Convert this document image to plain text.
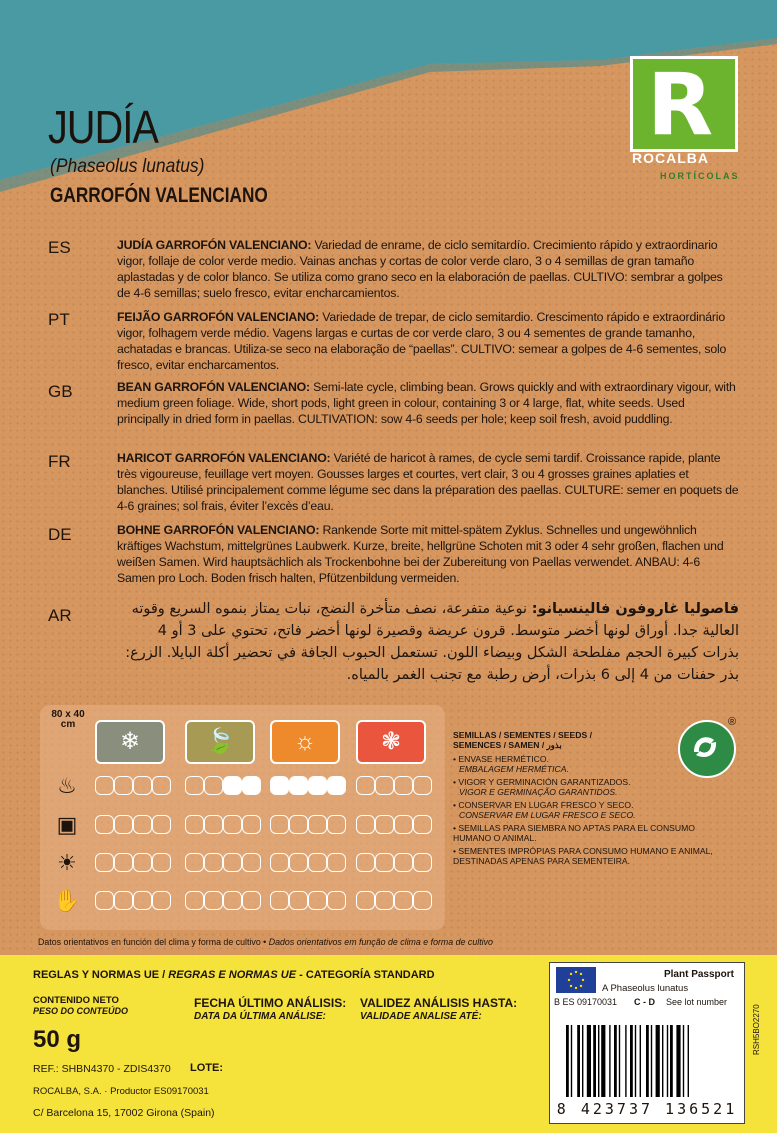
JUDÍA
(Phaseolus lunatus)
GARROFÓN VALENCIANO
R
ROCALBA
HORTÍCOLAS
ES	JUDÍA GARROFÓN VALENCIANO: Variedad de enrame, de ciclo semitardío. Crecimiento rápido y extraordinario vigor, follaje de color verde medio. Vainas anchas y cortas de color verde claro, 3 o 4 semillas de gran tamaño aplastadas y de color blanco. Se utiliza como grano seco en la elaboración de paellas. CULTIVO: sembrar a golpes de 4-6 semillas; suelo fresco, evitar encharcamientos.
PT	FEIJÃO GARROFÓN VALENCIANO: Variedade de trepar, de ciclo semitardio. Crescimento rápido e extraordinário vigor, folhagem verde médio. Vagens largas e curtas de cor verde claro, 3 ou 4 sementes de grande tamanho, achatadas e brancas. Utiliza-se seco na elaboração de “paellas”. CULTIVO: semear a golpes de 4-6 sementes, solo fresco, evitar encharcamentos.
GB	BEAN GARROFÓN VALENCIANO: Semi-late cycle, climbing bean. Grows quickly and with extraordinary vigour, with medium green foliage. Wide, short pods, light green in colour, containing 3 or 4 large, flat, white seeds. Used principally in dried form in paellas. CULTIVATION: sow 4-6 seeds per hole; keep soil fresh, avoid puddling.
FR	HARICOT GARROFÓN VALENCIANO: Variété de haricot à rames, de cycle semi tardif. Croissance rapide, plante très vigoureuse, feuillage vert moyen. Gousses larges et courtes, vert clair, 3 ou 4 grosses graines aplaties et blanches. Utilisé principalement comme légume sec dans la préparation des paellas. CULTURE: semer en poquets de 4-6 graines; sol frais, éviter l’excès d’eau.
DE	BOHNE GARROFÓN VALENCIANO: Rankende Sorte mit mittel-spätem Zyklus. Schnelles und ungewöhnlich kräftiges Wachstum, mittelgrünes Laubwerk. Kurze, breite, hellgrüne Schoten mit 3 oder 4 sehr großen, flachen und weißen Samen. Wird hauptsächlich als Trockenbohne bei der Zubereitung von Paellas verwendet. ANBAU: 4-6 Samen pro Loch. Boden frisch halten, Pfützenbildung vermeiden.
AR	فاصوليا غاروفون فالينسيانو: نوعية متفرعة، نصف متأخرة النضج، نبات يمتاز بنموه السريع وقوته العالية جدا. أوراق لونها أخضر متوسط. قرون عريضة وقصيرة لونها أخضر فاتح، تحتوي على 3 أو 4 بذرات كبيرة الحجم مفلطحة الشكل وبيضاء اللون. تستعمل الحبوب الجافة في تحضير أكلة البايلا. الزرع: بذر حفنات من 4 إلى 6 بذرات، أرض رطبة مع تجنب الغمر بالمياه.
80 x 40
cm
❄	🍃	☼	❃
♨
▣
☀
✋
SEMILLAS / SEMENTES / SEEDS /
SEMENCES / SAMEN / بذور
• ENVASE HERMÉTICO.
EMBALAGEM HERMÉTICA.
• VIGOR Y GERMINACIÓN GARANTIZADOS.
VIGOR E GERMINAÇÃO GARANTIDOS.
• CONSERVAR EN LUGAR FRESCO Y SECO.
CONSERVAR EM LUGAR FRESCO E SECO.
• SEMILLAS PARA SIEMBRA NO APTAS PARA EL CONSUMO HUMANO O ANIMAL.
• SEMENTES IMPRÓPIAS PARA CONSUMO HUMANO E ANIMAL, DESTINADAS APENAS PARA SEMENTEIRA.
®
Datos orientativos en función del clima y forma de cultivo • Dados orientativos em função de clima e forma de cultivo
REGLAS Y NORMAS UE / REGRAS E NORMAS UE - CATEGORÍA STANDARD
CONTENIDO NETO
PESO DO CONTEÚDO
50 g
FECHA ÚLTIMO ANÁLISIS:
DATA DA ÚLTIMA ANÁLISE:
VALIDEZ ANÁLISIS HASTA:
VALIDADE ANALISE ATÉ:
REF.: SHBN4370 - ZDIS4370 LOTE:
ROCALBA, S.A. · Productor ES09170031
C/ Barcelona 15, 17002 Girona (Spain)
Plant Passport
A Phaseolus lunatus
B ES 09170031 C - D See lot number
8 423737 136521
RSH5BO2270
